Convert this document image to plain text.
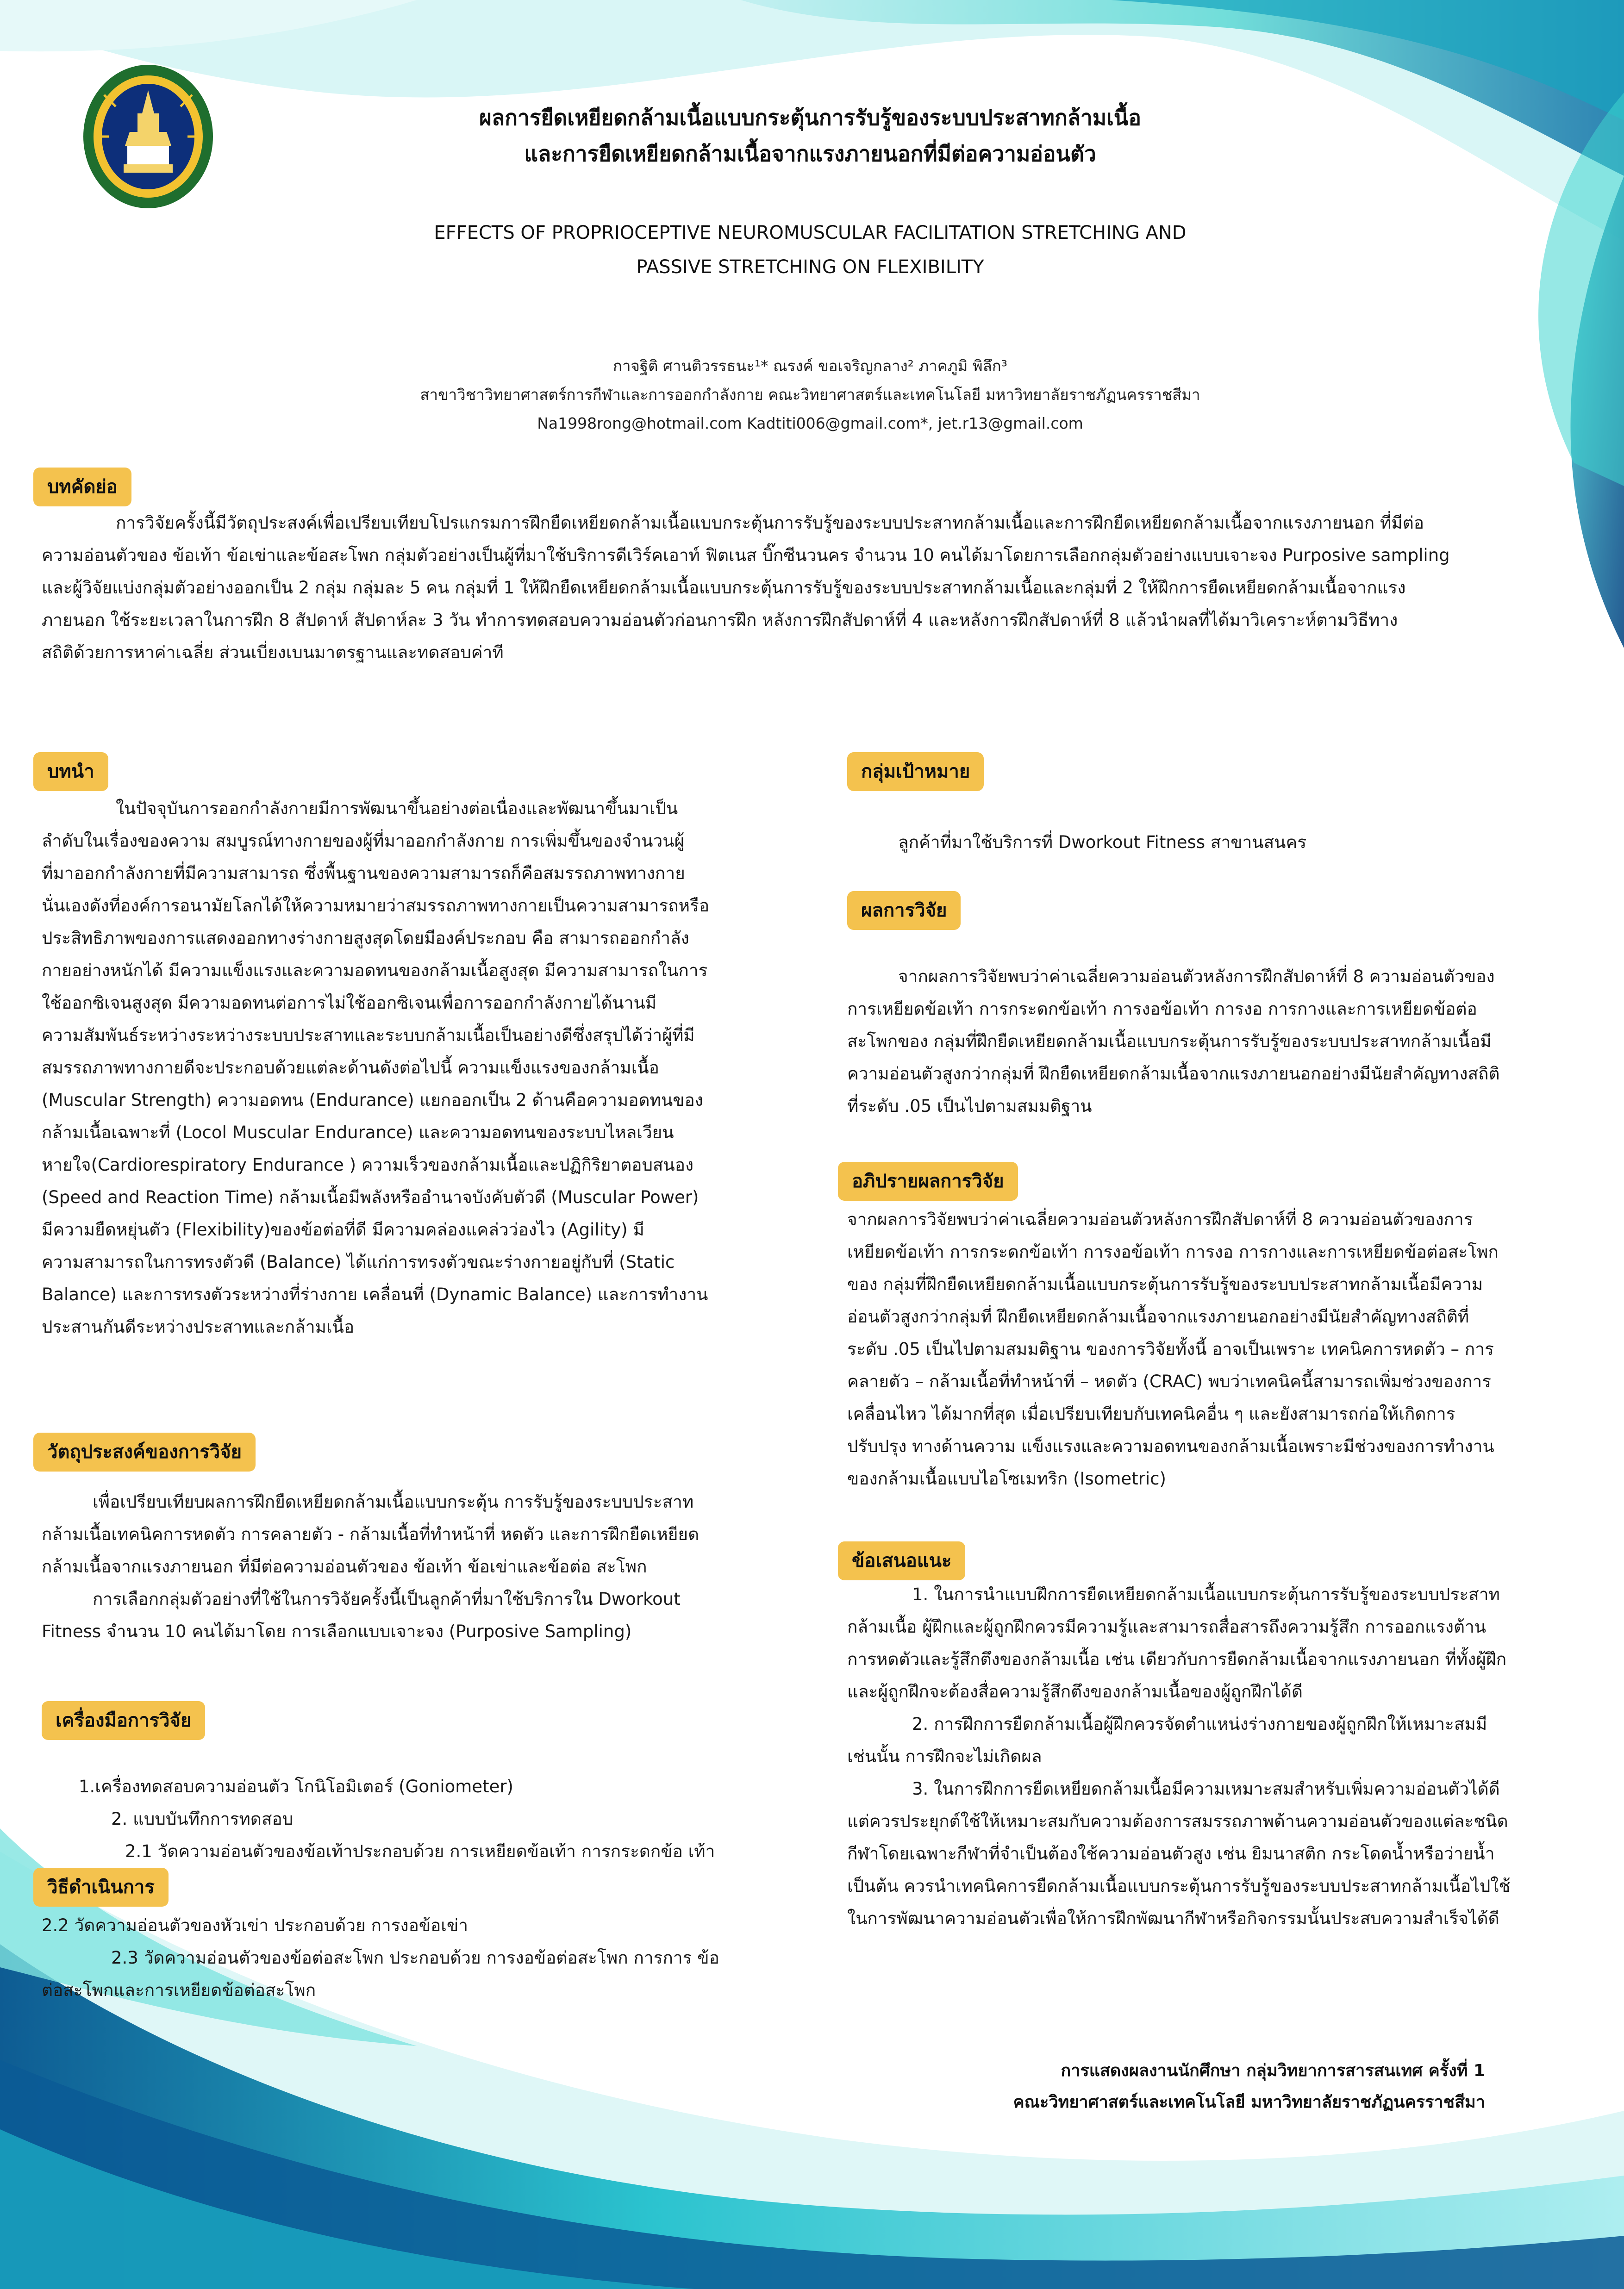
ผลการยืดเหยียดกล้ามเนื้อแบบกระตุ้นการรับรู้ของระบบประสาทกล้ามเนื้อ
และการยืดเหยียดกล้ามเนื้อจากแรงภายนอกที่มีต่อความอ่อนตัว
EFFECTS OF PROPRIOCEPTIVE NEUROMUSCULAR FACILITATION STRETCHING AND
PASSIVE STRETCHING ON FLEXIBILITY
กาจฐิติ ศานติวรรธนะ¹* ณรงค์ ขอเจริญกลาง² ภาคภูมิ พิลึก³
สาขาวิชาวิทยาศาสตร์การกีฬาและการออกกำลังกาย คณะวิทยาศาสตร์และเทคโนโลยี มหาวิทยาลัยราชภัฏนครราชสีมา
Na1998rong@hotmail.com Kadtiti006@gmail.com*, jet.r13@gmail.com
บทคัดย่อ

การวิจัยครั้งนี้มีวัตถุประสงค์เพื่อเปรียบเทียบโปรแกรมการฝึกยืดเหยียดกล้ามเนื้อแบบกระตุ้นการรับรู้ของระบบประสาทกล้ามเนื้อและการฝึกยืดเหยียดกล้ามเนื้อจากแรงภายนอก ที่มีต่อ

ความอ่อนตัวของ ข้อเท้า ข้อเข่าและข้อสะโพก กลุ่มตัวอย่างเป็นผู้ที่มาใช้บริการดีเวิร์คเอาท์ ฟิตเนส บิ๊กซีนวนคร จำนวน 10 คนได้มาโดยการเลือกกลุ่มตัวอย่างแบบเจาะจง Purposive sampling

และผู้วิจัยแบ่งกลุ่มตัวอย่างออกเป็น 2 กลุ่ม กลุ่มละ 5 คน กลุ่มที่ 1 ให้ฝึกยืดเหยียดกล้ามเนื้อแบบกระตุ้นการรับรู้ของระบบประสาทกล้ามเนื้อและกลุ่มที่ 2 ให้ฝึกการยืดเหยียดกล้ามเนื้อจากแรง

ภายนอก ใช้ระยะเวลาในการฝึก 8 สัปดาห์ สัปดาห์ละ 3 วัน ทำการทดสอบความอ่อนตัวก่อนการฝึก หลังการฝึกสัปดาห์ที่ 4 และหลังการฝึกสัปดาห์ที่ 8 แล้วนำผลที่ได้มาวิเคราะห์ตามวิธีทาง

สถิติด้วยการหาค่าเฉลี่ย ส่วนเบี่ยงเบนมาตรฐานและทดสอบค่าที

บทนำ

ในปัจจุบันการออกกำลังกายมีการพัฒนาขึ้นอย่างต่อเนื่องและพัฒนาขึ้นมาเป็น

ลำดับในเรื่องของความ สมบูรณ์ทางกายของผู้ที่มาออกกำลังกาย การเพิ่มขึ้นของจำนวนผู้

ที่มาออกกำลังกายที่มีความสามารถ ซึ่งพื้นฐานของความสามารถก็คือสมรรถภาพทางกาย

นั่นเองดังที่องค์การอนามัยโลกได้ให้ความหมายว่าสมรรถภาพทางกายเป็นความสามารถหรือ

ประสิทธิภาพของการแสดงออกทางร่างกายสูงสุดโดยมีองค์ประกอบ คือ สามารถออกกำลัง

กายอย่างหนักได้ มีความแข็งแรงและความอดทนของกล้ามเนื้อสูงสุด มีความสามารถในการ

ใช้ออกซิเจนสูงสุด มีความอดทนต่อการไม่ใช้ออกซิเจนเพื่อการออกกำลังกายได้นานมี

ความสัมพันธ์ระหว่างระหว่างระบบประสาทและระบบกล้ามเนื้อเป็นอย่างดีซึ่งสรุปได้ว่าผู้ที่มี

สมรรถภาพทางกายดีจะประกอบด้วยแต่ละด้านดังต่อไปนี้ ความแข็งแรงของกล้ามเนื้อ

(Muscular Strength) ความอดทน (Endurance) แยกออกเป็น 2 ด้านคือความอดทนของ

กล้ามเนื้อเฉพาะที่ (Locol Muscular Endurance) และความอดทนของระบบไหลเวียน

หายใจ(Cardiorespiratory Endurance ) ความเร็วของกล้ามเนื้อและปฏิกิริยาตอบสนอง

(Speed and Reaction Time) กล้ามเนื้อมีพลังหรืออำนาจบังคับตัวดี (Muscular Power)

มีความยืดหยุ่นตัว (Flexibility)ของข้อต่อที่ดี มีความคล่องแคล่วว่องไว (Agility) มี

ความสามารถในการทรงตัวดี (Balance) ได้แก่การทรงตัวขณะร่างกายอยู่กับที่ (Static

Balance) และการทรงตัวระหว่างที่ร่างกาย เคลื่อนที่ (Dynamic Balance) และการทำงาน

ประสานกันดีระหว่างประสาทและกล้ามเนื้อ

วัตถุประสงค์ของการวิจัย

เพื่อเปรียบเทียบผลการฝึกยืดเหยียดกล้ามเนื้อแบบกระตุ้น การรับรู้ของระบบประสาท

กล้ามเนื้อเทคนิคการหดตัว การคลายตัว - กล้ามเนื้อที่ทำหน้าที่ หดตัว และการฝึกยืดเหยียด

กล้ามเนื้อจากแรงภายนอก ที่มีต่อความอ่อนตัวของ ข้อเท้า ข้อเข่าและข้อต่อ สะโพก

การเลือกกลุ่มตัวอย่างที่ใช้ในการวิจัยครั้งนี้เป็นลูกค้าที่มาใช้บริการใน Dworkout

Fitness จำนวน 10 คนได้มาโดย การเลือกแบบเจาะจง (Purposive Sampling)

เครื่องมือการวิจัย

1.เครื่องทดสอบความอ่อนตัว โกนิโอมิเตอร์ (Goniometer)

2. แบบบันทึกการทดสอบ

2.1 วัดความอ่อนตัวของข้อเท้าประกอบด้วย การเหยียดข้อเท้า การกระดกข้อ เท้า

วิธีดำเนินการ

2.2 วัดความอ่อนตัวของหัวเข่า ประกอบด้วย การงอข้อเข่า

2.3 วัดความอ่อนตัวของข้อต่อสะโพก ประกอบด้วย การงอข้อต่อสะโพก การการ ข้อ

ต่อสะโพกและการเหยียดข้อต่อสะโพก

กลุ่มเป้าหมาย

ลูกค้าที่มาใช้บริการที่ Dworkout Fitness สาขานสนคร

ผลการวิจัย

จากผลการวิจัยพบว่าค่าเฉลี่ยความอ่อนตัวหลังการฝึกสัปดาห์ที่ 8 ความอ่อนตัวของ

การเหยียดข้อเท้า การกระดกข้อเท้า การงอข้อเท้า การงอ การกางและการเหยียดข้อต่อ

สะโพกของ กลุ่มที่ฝึกยืดเหยียดกล้ามเนื้อแบบกระตุ้นการรับรู้ของระบบประสาทกล้ามเนื้อมี

ความอ่อนตัวสูงกว่ากลุ่มที่ ฝึกยืดเหยียดกล้ามเนื้อจากแรงภายนอกอย่างมีนัยสำคัญทางสถิติ

ที่ระดับ .05 เป็นไปตามสมมติฐาน

อภิปรายผลการวิจัย

จากผลการวิจัยพบว่าค่าเฉลี่ยความอ่อนตัวหลังการฝึกสัปดาห์ที่ 8 ความอ่อนตัวของการ

เหยียดข้อเท้า การกระดกข้อเท้า การงอข้อเท้า การงอ การกางและการเหยียดข้อต่อสะโพก

ของ กลุ่มที่ฝึกยืดเหยียดกล้ามเนื้อแบบกระตุ้นการรับรู้ของระบบประสาทกล้ามเนื้อมีความ

อ่อนตัวสูงกว่ากลุ่มที่ ฝึกยืดเหยียดกล้ามเนื้อจากแรงภายนอกอย่างมีนัยสำคัญทางสถิติที่

ระดับ .05 เป็นไปตามสมมติฐาน ของการวิจัยทั้งนี้ อาจเป็นเพราะ เทคนิคการหดตัว – การ

คลายตัว – กล้ามเนื้อที่ทำหน้าที่ – หดตัว (CRAC) พบว่าเทคนิคนี้สามารถเพิ่มช่วงของการ

เคลื่อนไหว ได้มากที่สุด เมื่อเปรียบเทียบกับเทคนิคอื่น ๆ และยังสามารถก่อให้เกิดการ

ปรับปรุง ทางด้านความ แข็งแรงและความอดทนของกล้ามเนื้อเพราะมีช่วงของการทำงาน

ของกล้ามเนื้อแบบไอโซเมทริก (Isometric)

ข้อเสนอแนะ

1. ในการนำแบบฝึกการยืดเหยียดกล้ามเนื้อแบบกระตุ้นการรับรู้ของระบบประสาท

กล้ามเนื้อ ผู้ฝึกและผู้ถูกฝึกควรมีความรู้และสามารถสื่อสารถึงความรู้สึก การออกแรงต้าน

การหดตัวและรู้สึกตึงของกล้ามเนื้อ เช่น เดียวกับการยืดกล้ามเนื้อจากแรงภายนอก ที่ทั้งผู้ฝึก

และผู้ถูกฝึกจะต้องสื่อความรู้สึกตึงของกล้ามเนื้อของผู้ถูกฝึกได้ดี

2. การฝึกการยืดกล้ามเนื้อผู้ฝึกควรจัดตำแหน่งร่างกายของผู้ถูกฝึกให้เหมาะสมมี

เช่นนั้น การฝึกจะไม่เกิดผล

3. ในการฝึกการยืดเหยียดกล้ามเนื้อมีความเหมาะสมสำหรับเพิ่มความอ่อนตัวได้ดี

แต่ควรประยุกต์ใช้ให้เหมาะสมกับความต้องการสมรรถภาพด้านความอ่อนตัวของแต่ละชนิด

กีฬาโดยเฉพาะกีฬาที่จำเป็นต้องใช้ความอ่อนตัวสูง เช่น ยิมนาสติก กระโดดน้ำหรือว่ายน้ำ

เป็นต้น ควรนำเทคนิคการยืดกล้ามเนื้อแบบกระตุ้นการรับรู้ของระบบประสาทกล้ามเนื้อไปใช้

ในการพัฒนาความอ่อนตัวเพื่อให้การฝึกพัฒนากีฬาหรือกิจกรรมนั้นประสบความสำเร็จได้ดี

การแสดงผลงานนักศึกษา กลุ่มวิทยาการสารสนเทศ ครั้งที่ 1
คณะวิทยาศาสตร์และเทคโนโลยี มหาวิทยาลัยราชภัฏนครราชสีมา
